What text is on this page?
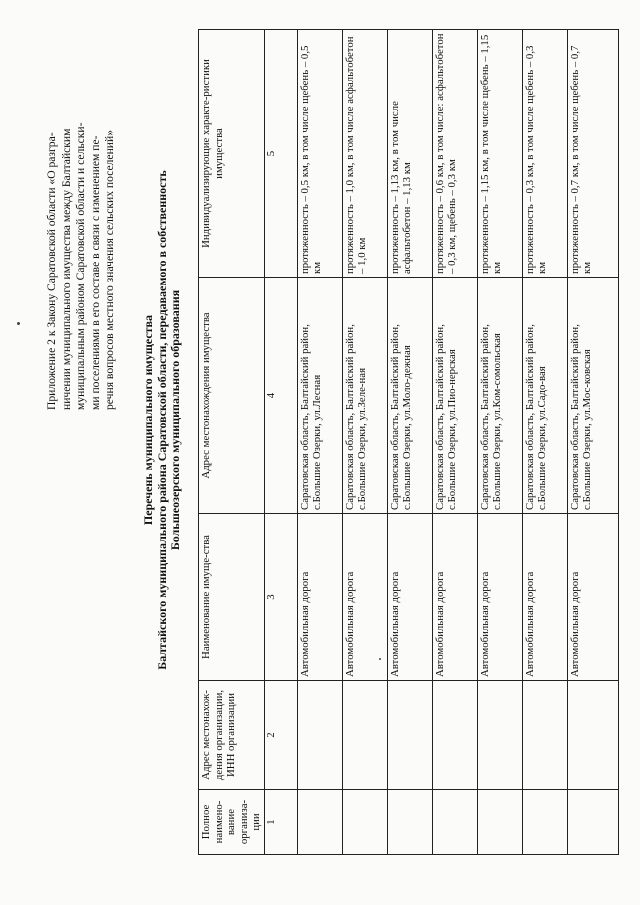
Приложение 2 к Закону Саратовской области «О разгра- ничении муниципального имущества между Балтайским муниципальным районом Саратовской области и сельски- ми поселениями в его составе в связи с изменением пе- речня вопросов местного значения сельских поселений»
Перечень муниципального имущества Балтайского муниципального района Саратовской области, передаваемого в собственность Большеозерского муниципального образования
Полное наимено-вание организа-ции	Адрес местонахож-дения организации, ИНН организации	Наименование имуще-ства	Адрес местонахождения имущества	Индивидуализирующие характе-ристики имущества
1	2	3	4	5
		Автомобильная дорога	Саратовская область, Балтайский район, с.Большие Озерки, ул.Лесная	протяженность – 0,5 км, в том числе щебень – 0,5 км
		Автомобильная дорога	Саратовская область, Балтайский район, с.Большие Озерки, ул.Зеле-ная	протяженность – 1,0 км, в том числе асфальтобетон – 1,0 км
		Автомобильная дорога	Саратовская область, Балтайский район, с.Большие Озерки, ул.Моло-дежная	протяженность – 1,13 км, в том числе асфальтобетон – 1,13 км
		Автомобильная дорога	Саратовская область, Балтайский район, с.Большие Озерки, ул.Пио-нерская	протяженность – 0,6 км, в том числе: асфальтобетон – 0,3 км, щебень – 0,3 км
		Автомобильная дорога	Саратовская область, Балтайский район, с.Большие Озерки, ул.Ком-сомольская	протяженность – 1,15 км, в том числе щебень – 1,15 км
		Автомобильная дорога	Саратовская область, Балтайский район, с.Большие Озерки, ул.Садо-вая	протяженность – 0,3 км, в том числе щебень – 0,3 км
		Автомобильная дорога	Саратовская область, Балтайский район, с.Большие Озерки, ул.Мос-ковская	протяженность – 0,7 км, в том числе щебень – 0,7 км
